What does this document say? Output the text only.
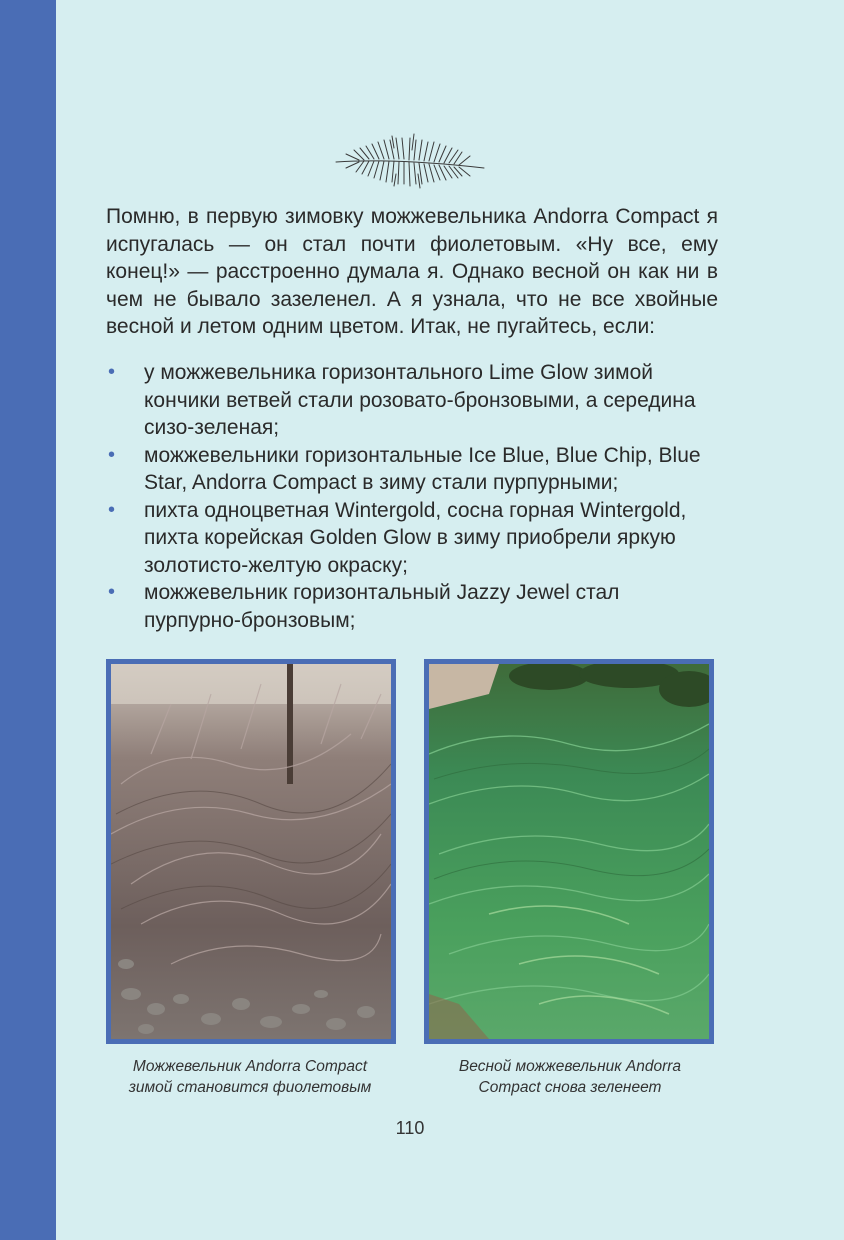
Помню, в первую зимовку можжевельника Andorra Compact я испугалась — он стал почти фиолетовым. «Ну все, ему конец!» — расстроенно думала я. Однако весной он как ни в чем не бывало зазеленел. А я узнала, что не все хвойные весной и летом одним цветом. Итак, не пугайтесь, если:

• у можжевельника горизонтального Lime Glow зимой кончики ветвей стали розовато-бронзовыми, а середина сизо-зеленая;
• можжевельники горизонтальные Ice Blue, Blue Chip, Blue Star, Andorra Compact в зиму стали пурпурными;
• пихта одноцветная Wintergold, сосна горная Wintergold, пихта корейская Golden Glow в зиму приобрели яркую золотисто-желтую окраску;
• можжевельник горизонтальный Jazzy Jewel стал пурпурно-бронзовым;
Можжевельник Andorra Compact
зимой становится фиолетовым
Весной можжевельник Andorra
Compact снова зеленеет
110
